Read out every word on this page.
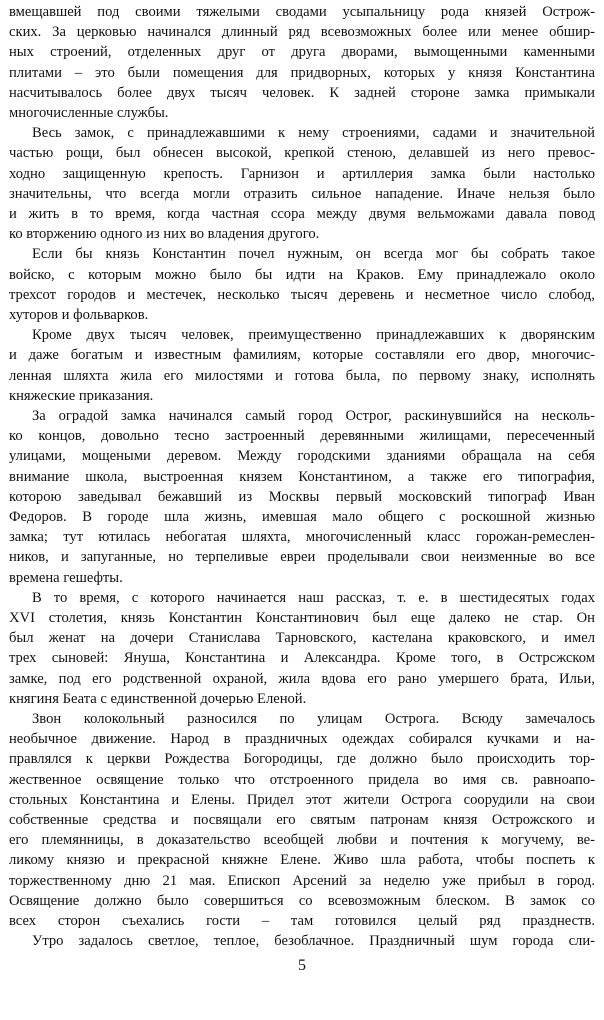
вмещавшей под своими тяжелыми сводами усыпальницу рода князей Острож-
ских. За церковью начинался длинный ряд всевозможных более или менее обшир-
ных строений, отделенных друг от друга дворами, вымощенными каменными
плитами – это были помещения для придворных, которых у князя Константина
насчитывалось более двух тысяч человек. К задней стороне замка примыкали
многочисленные службы.
Весь замок, с принадлежавшими к нему строениями, садами и значительной
частью рощи, был обнесен высокой, крепкой стеною, делавшей из него превос-
ходно защищенную крепость. Гарнизон и артиллерия замка были настолько
значительны, что всегда могли отразить сильное нападение. Иначе нельзя было
и жить в то время, когда частная ссора между двумя вельможами давала повод
ко вторжению одного из них во владения другого.
Если бы князь Константин почел нужным, он всегда мог бы собрать такое
войско, с которым можно было бы идти на Краков. Ему принадлежало около
трехсот городов и местечек, несколько тысяч деревень и несметное число слобод,
хуторов и фольварков.
Кроме двух тысяч человек, преимущественно принадлежавших к дворянским
и даже богатым и известным фамилиям, которые составляли его двор, многочис-
ленная шляхта жила его милостями и готова была, по первому знаку, исполнять
княжеские приказания.
За оградой замка начинался самый город Острог, раскинувшийся на несколь-
ко концов, довольно тесно застроенный деревянными жилищами, пересеченный
улицами, мощеными деревом. Между городскими зданиями обращала на себя
внимание школа, выстроенная князем Константином, а также его типография,
которою заведывал бежавший из Москвы первый московский типограф Иван
Федоров. В городе шла жизнь, имевшая мало общего с роскошной жизнью
замка; тут ютилась небогатая шляхта, многочисленный класс горожан-ремеслен-
ников, и запуганные, но терпеливые евреи проделывали свои неизменные во все
времена гешефты.
В то время, с которого начинается наш рассказ, т. е. в шестидесятых годах
XVI столетия, князь Константин Константинович был еще далеко не стар. Он
был женат на дочери Станислава Тарновского, кастелана краковского, и имел
трех сыновей: Януша, Константина и Александра. Кроме того, в Острсжском
замке, под его родственной охраной, жила вдова его рано умершего брата, Ильи,
княгиня Беата с единственной дочерью Еленой.
Звон колокольный разносился по улицам Острога. Всюду замечалось
необычное движение. Народ в праздничных одеждах собирался кучками и на-
правлялся к церкви Рождества Богородицы, где должно было происходить тор-
жественное освящение только что отстроенного придела во имя св. равноапо-
стольных Константина и Елены. Придел этот жители Острога соорудили на свои
собственные средства и посвящали его святым патронам князя Острожского и
его племянницы, в доказательство всеобщей любви и почтения к могучему, ве-
ликому князю и прекрасной княжне Елене. Живо шла работа, чтобы поспеть к
торжественному дню 21 мая. Епископ Арсений за неделю уже прибыл в город.
Освящение должно было совершиться со всевозможным блеском. В замок со
всех сторон съехались гости – там готовился целый ряд празднеств.
Утро задалось светлое, теплое, безоблачное. Праздничный шум города сли-
5
